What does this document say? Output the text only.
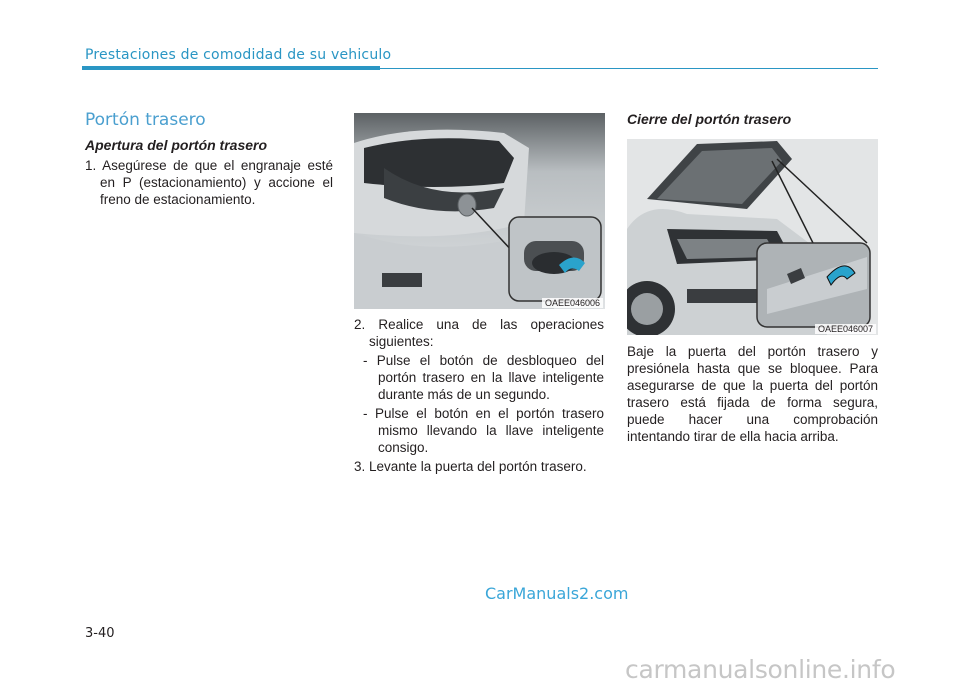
Prestaciones de comodidad de su vehiculo
Portón trasero
Apertura del portón trasero

1. Asegúrese de que el engranaje esté en P (estacionamiento) y accione el freno de estacionamiento.

OAEE046006

2. Realice una de las operaciones siguientes:

- Pulse el botón de desbloqueo del portón trasero en la llave inteligente durante más de un segundo.

- Pulse el botón en el portón trasero mismo llevando la llave inteligente consigo.

3. Levante la puerta del portón trasero.

Cierre del portón trasero
OAEE046007

Baje la puerta del portón trasero y presiónela hasta que se bloquee. Para asegurarse de que la puerta del portón trasero está fijada de forma segura, puede hacer una comprobación intentando tirar de ella hacia arriba.

3-40
CarManuals2.com
carmanualsonline.info
